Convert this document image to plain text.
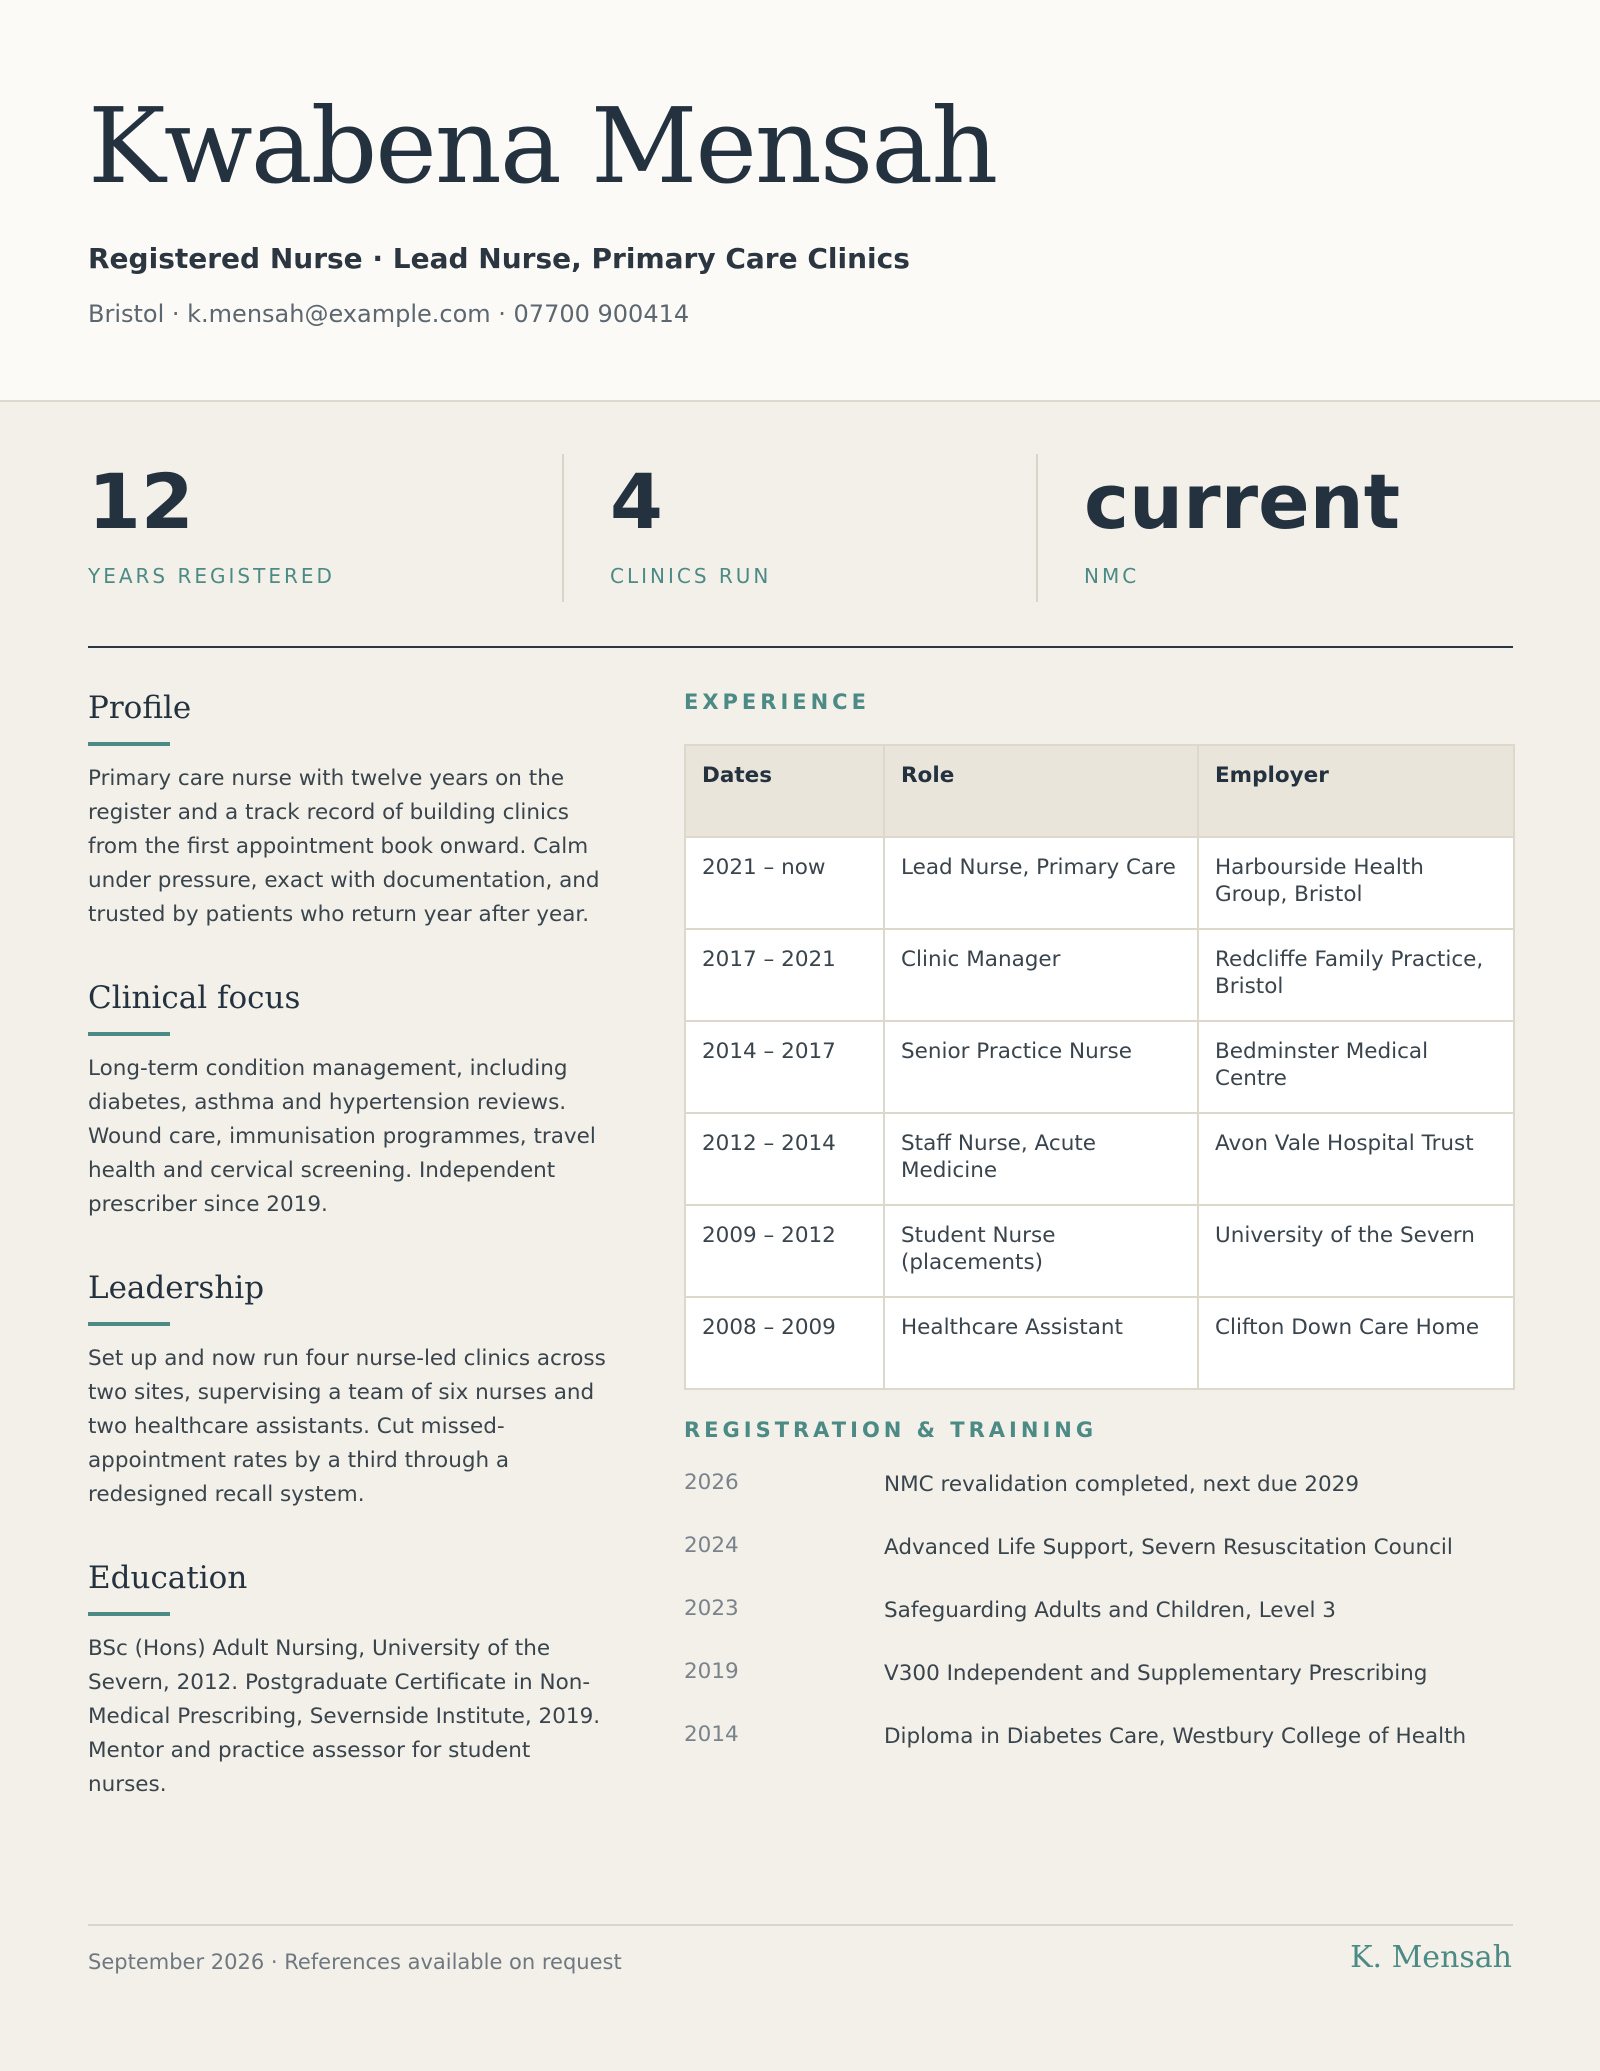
Kwabena Mensah
Registered Nurse · Lead Nurse, Primary Care Clinics
Bristol · k.mensah@example.com · 07700 900414
12
YEARS REGISTERED
4
CLINICS RUN
current
NMC
Profile
Primary care nurse with twelve years on the register and a track record of building clinics from the first appointment book onward. Calm under pressure, exact with documentation, and trusted by patients who return year after year.
Clinical focus
Long-term condition management, including diabetes, asthma and hypertension reviews. Wound care, immunisation programmes, travel health and cervical screening. Independent prescriber since 2019.
Leadership
Set up and now run four nurse-led clinics across two sites, supervising a team of six nurses and two healthcare assistants. Cut missed-appointment rates by a third through a redesigned recall system.
Education
BSc (Hons) Adult Nursing, University of the Severn, 2012. Postgraduate Certificate in Non-Medical Prescribing, Severnside Institute, 2019. Mentor and practice assessor for student nurses.
EXPERIENCE
Dates	Role	Employer
2021 – now	Lead Nurse, Primary Care	Harbourside Health Group, Bristol
2017 – 2021	Clinic Manager	Redcliffe Family Practice, Bristol
2014 – 2017	Senior Practice Nurse	Bedminster Medical Centre
2012 – 2014	Staff Nurse, Acute Medicine	Avon Vale Hospital Trust
2009 – 2012	Student Nurse (placements)	University of the Severn
2008 – 2009	Healthcare Assistant	Clifton Down Care Home
REGISTRATION & TRAINING
2026	NMC revalidation completed, next due 2029
2024	Advanced Life Support, Severn Resuscitation Council
2023	Safeguarding Adults and Children, Level 3
2019	V300 Independent and Supplementary Prescribing
2014	Diploma in Diabetes Care, Westbury College of Health
September 2026 · References available on request	K. Mensah
